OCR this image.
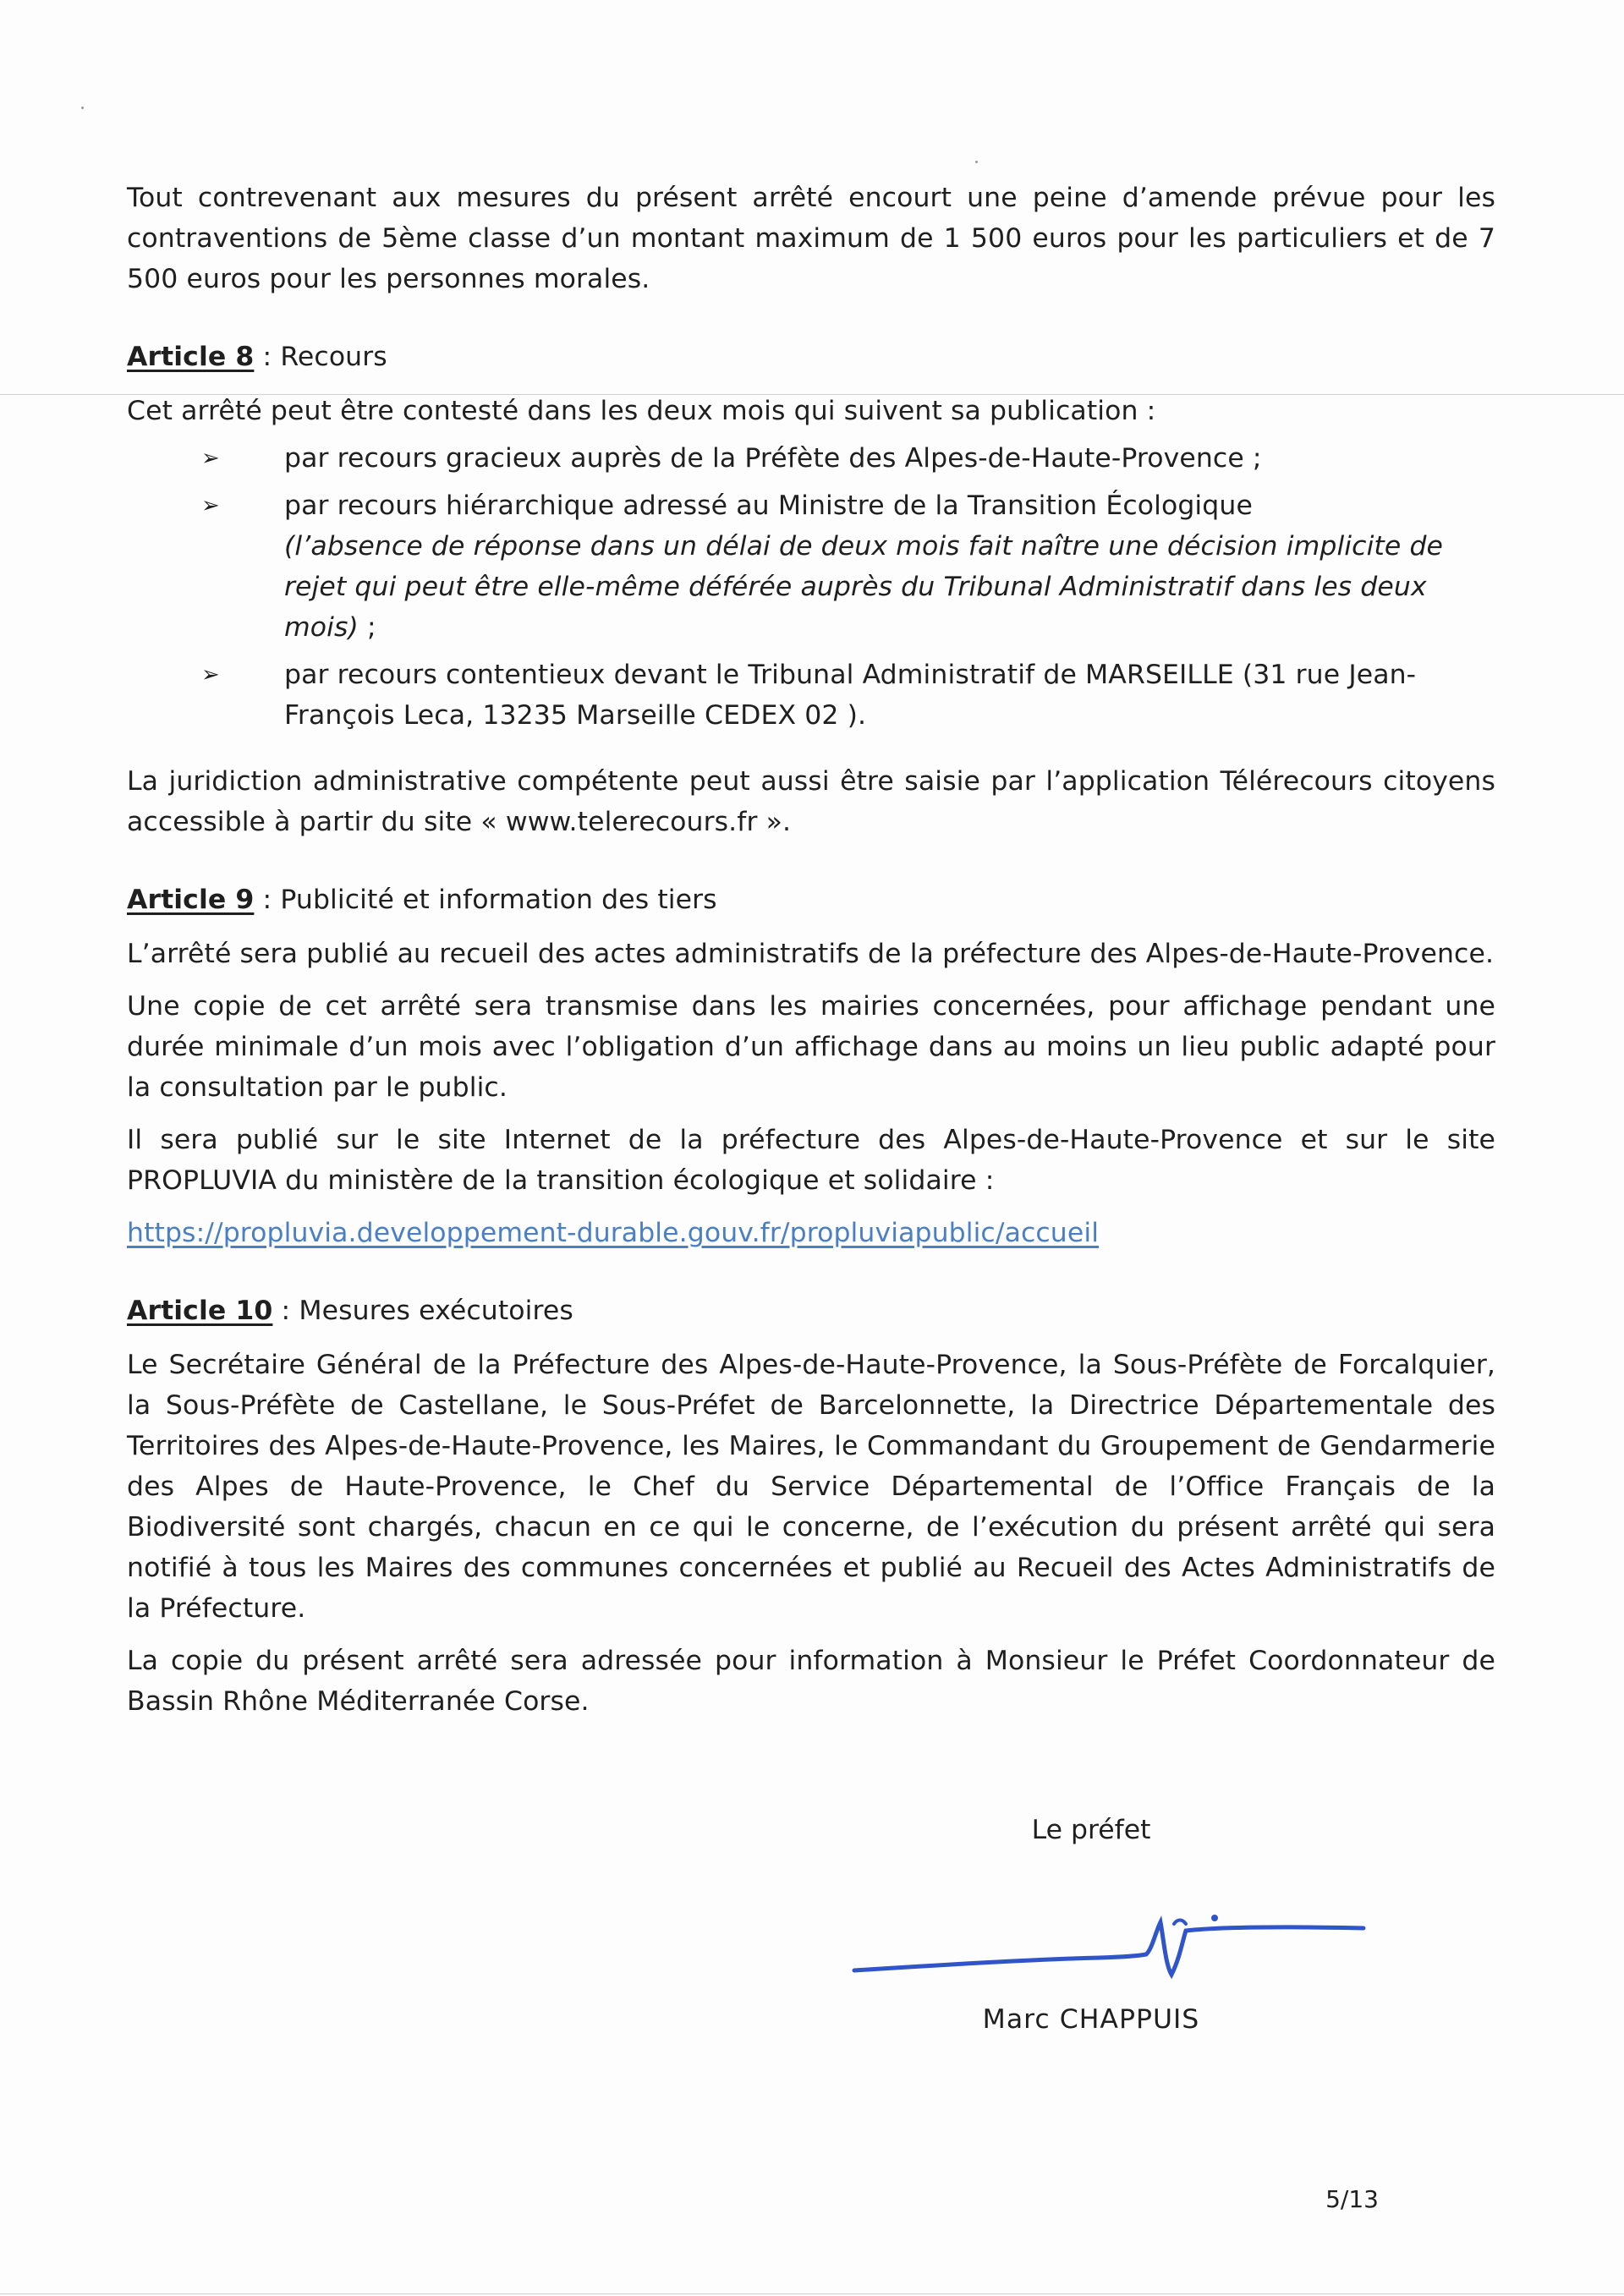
Tout contrevenant aux mesures du présent arrêté encourt une peine d’amende prévue pour les contraventions de 5ème classe d’un montant maximum de 1 500 euros pour les particuliers et de 7 500 euros pour les personnes morales.

Article 8 : Recours

Cet arrêté peut être contesté dans les deux mois qui suivent sa publication :

➢ par recours gracieux auprès de la Préfète des Alpes-de-Haute-Provence ;
➢ par recours hiérarchique adressé au Ministre de la Transition Écologique
(l’absence de réponse dans un délai de deux mois fait naître une décision implicite de rejet qui peut être elle-même déférée auprès du Tribunal Administratif dans les deux mois) ;
➢ par recours contentieux devant le Tribunal Administratif de MARSEILLE (31 rue Jean-François Leca, 13235 Marseille CEDEX 02 ).

La juridiction administrative compétente peut aussi être saisie par l’application Télérecours citoyens accessible à partir du site « www.telerecours.fr ».

Article 9 : Publicité et information des tiers

L’arrêté sera publié au recueil des actes administratifs de la préfecture des Alpes-de-Haute-Provence.

Une copie de cet arrêté sera transmise dans les mairies concernées, pour affichage pendant une durée minimale d’un mois avec l’obligation d’un affichage dans au moins un lieu public adapté pour la consultation par le public.

Il sera publié sur le site Internet de la préfecture des Alpes-de-Haute-Provence et sur le site PROPLUVIA du ministère de la transition écologique et solidaire :

https://propluvia.developpement-durable.gouv.fr/propluviapublic/accueil

Article 10 : Mesures exécutoires

Le Secrétaire Général de la Préfecture des Alpes-de-Haute-Provence, la Sous-Préfète de Forcalquier, la Sous-Préfète de Castellane, le Sous-Préfet de Barcelonnette, la Directrice Départementale des Territoires des Alpes-de-Haute-Provence, les Maires, le Commandant du Groupement de Gendarmerie des Alpes de Haute-Provence, le Chef du Service Départemental de l’Office Français de la Biodiversité sont chargés, chacun en ce qui le concerne, de l’exécution du présent arrêté qui sera notifié à tous les Maires des communes concernées et publié au Recueil des Actes Administratifs de la Préfecture.

La copie du présent arrêté sera adressée pour information à Monsieur le Préfet Coordonnateur de Bassin Rhône Méditerranée Corse.

Le préfet

Marc CHAPPUIS

5/13
